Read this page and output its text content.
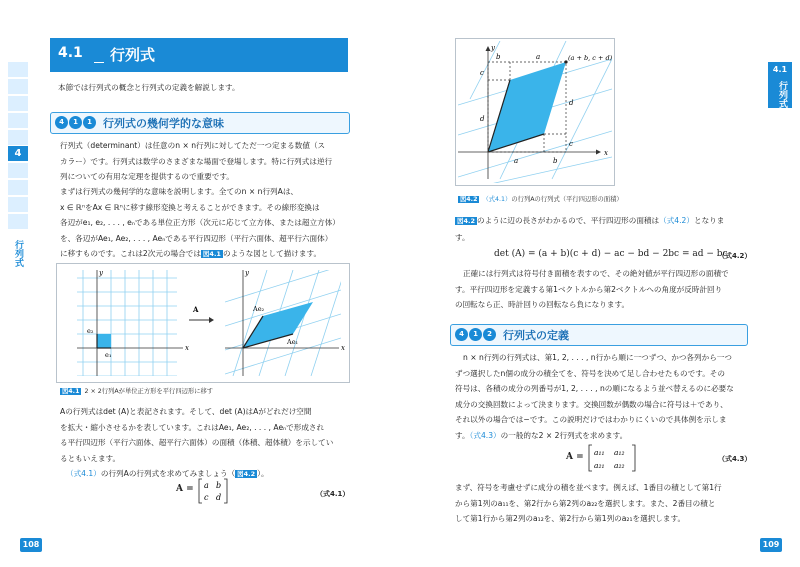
4
行列式
4.1 行列式
本節では行列式の概念と行列式の定義を解説します。
4	1	1	行列式の幾何学的な意味
行列式（determinant）は任意のn × n行列に対してただ一つ定まる数値（ス
カラー）です。行列式は数学のさまざまな場面で登場します。特に行列式は逆行
列についての有用な定理を提供するので重要です。
まずは行列式の幾何学的な意味を説明します。全てのn × n行列Aは、
x ∈ ℝⁿをAx ∈ ℝⁿに移す線形変換と考えることができます。その線形変換は
各辺がe₁, e₂, . . . , eₙである単位正方形（次元に応じて立方体、または超立方体）
を、各辺がAe₁, Ae₂, . . . , Aeₙである平行四辺形（平行六面体、超平行六面体）
に移すものです。これは2次元の場合では 図4.1 のような図として描けます。
x
y
e₁
e₂
A
x
y
Ae₁
Ae₂
図4.1 2 × 2行列Aが単位正方形を平行四辺形に移す
Aの行列式はdet (A)と表記されます。そして、det (A)はAがどれだけ空間
を拡大・縮小させるかを表しています。これはAe₁, Ae₂, . . . , Aeₙで形成され
る平行四辺形（平行六面体、超平行六面体）の面積（体積、超体積）を示してい
るともいえます。
（式4.1）の行列Aの行列式を求めてみましょう（ 図4.2 ）。
A = a b
c d	（式4.1）
108
4.1
行列式
x
y
(a + b, c + d)
b	a
c
d
d
c
a	b
図4.2 （式4.1）の行列Aの行列式（平行四辺形の面積）
図4.2 のように辺の長さがわかるので、平行四辺形の面積は（式4.2）となりま
す。
det (A) = (a + b)(c + d) − ac − bd − 2bc = ad − bc
（式4.2）
正確には行列式は符号付き面積を表すので、その絶対値が平行四辺形の面積で
す。平行四辺形を定義する第1ベクトルから第2ベクトルへの角度が反時計回り
の回転なら正、時計回りの回転なら負になります。
4	1	2	行列式の定義
n × n行列の行列式は、第1, 2, . . . , n行から順に一つずつ、かつ各列から一つ
ずつ選択したn個の成分の積全てを、符号を決めて足し合わせたものです。その
符号は、各積の成分の列番号が1, 2, . . . , nの順になるよう並べ替えるのに必要な
成分の交換回数によって決まります。交換回数が偶数の場合に符号は＋であり、
それ以外の場合では−です。この説明だけではわかりにくいので具体例を示しま
す。（式4.3）の一般的な2 × 2行列式を求めます。
A = a₁₁ a₁₂
a₂₁ a₂₂
（式4.3）
まず、符号を考慮せずに成分の積を並べます。例えば、1番目の積として第1行
から第1列のa₁₁を、第2行から第2列のa₂₂を選択します。また、2番目の積と
して第1行から第2列のa₁₂を、第2行から第1列のa₂₁を選択します。
109
